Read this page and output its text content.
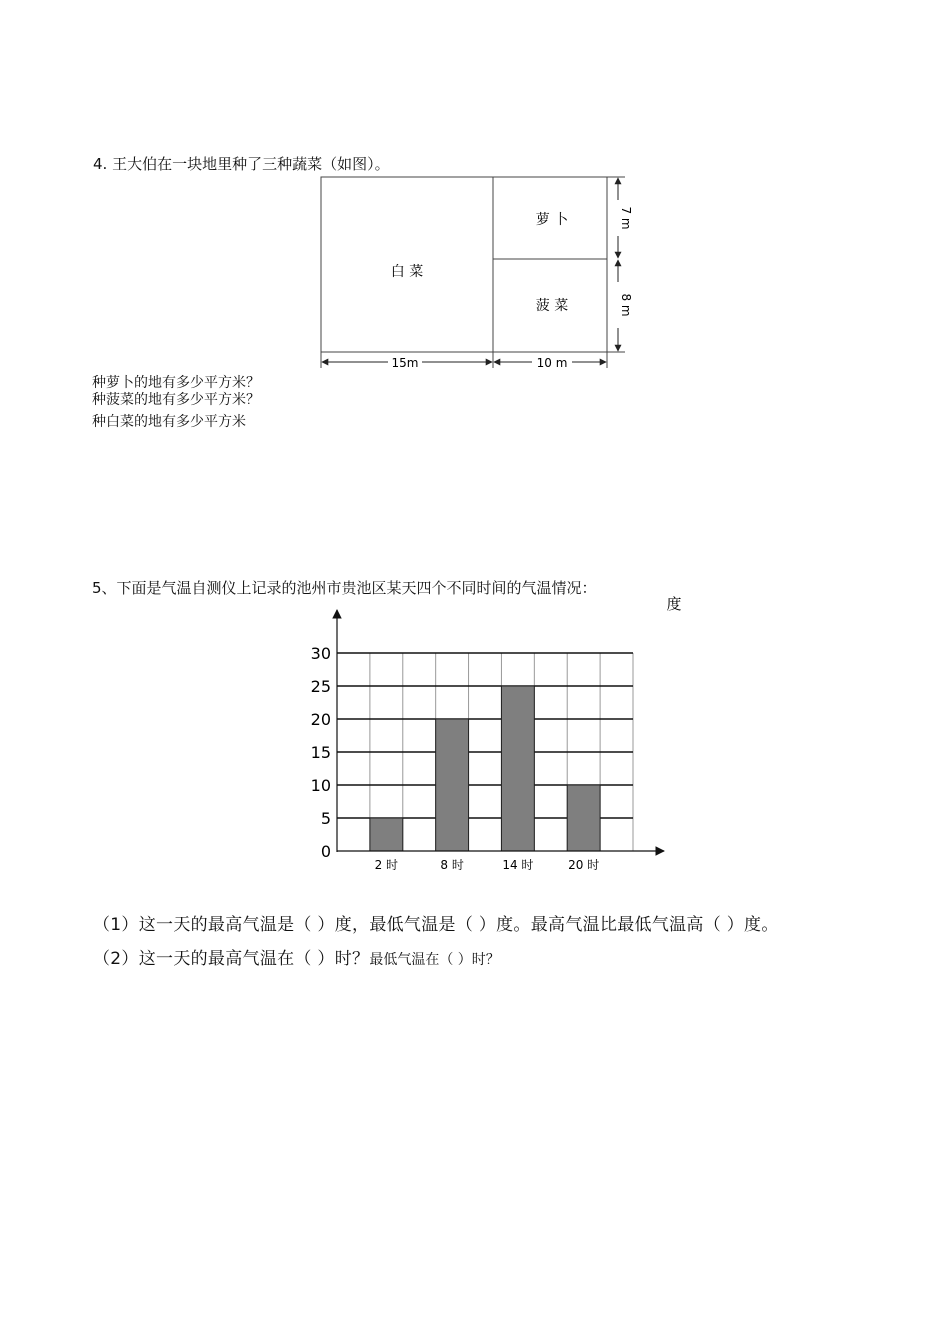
4. 王大伯在一块地里种了三种蔬菜（如图）。
白 菜
萝 卜
菠 菜
15m	10 m
7 m
8 m
种萝卜的地有多少平方米？
种菠菜的地有多少平方米？
种白菜的地有多少平方米
5、下面是气温自测仪上记录的池州市贵池区某天四个不同时间的气温情况：
0
5
10
15
20
25
30
2 时	8 时	14 时	20 时
度
（1）这一天的最高气温是（ ）度，最低气温是（ ）度。最高气温比最低气温高（ ）度。
（2）这一天的最高气温在（ ）时？最低气温在（ ）时？
